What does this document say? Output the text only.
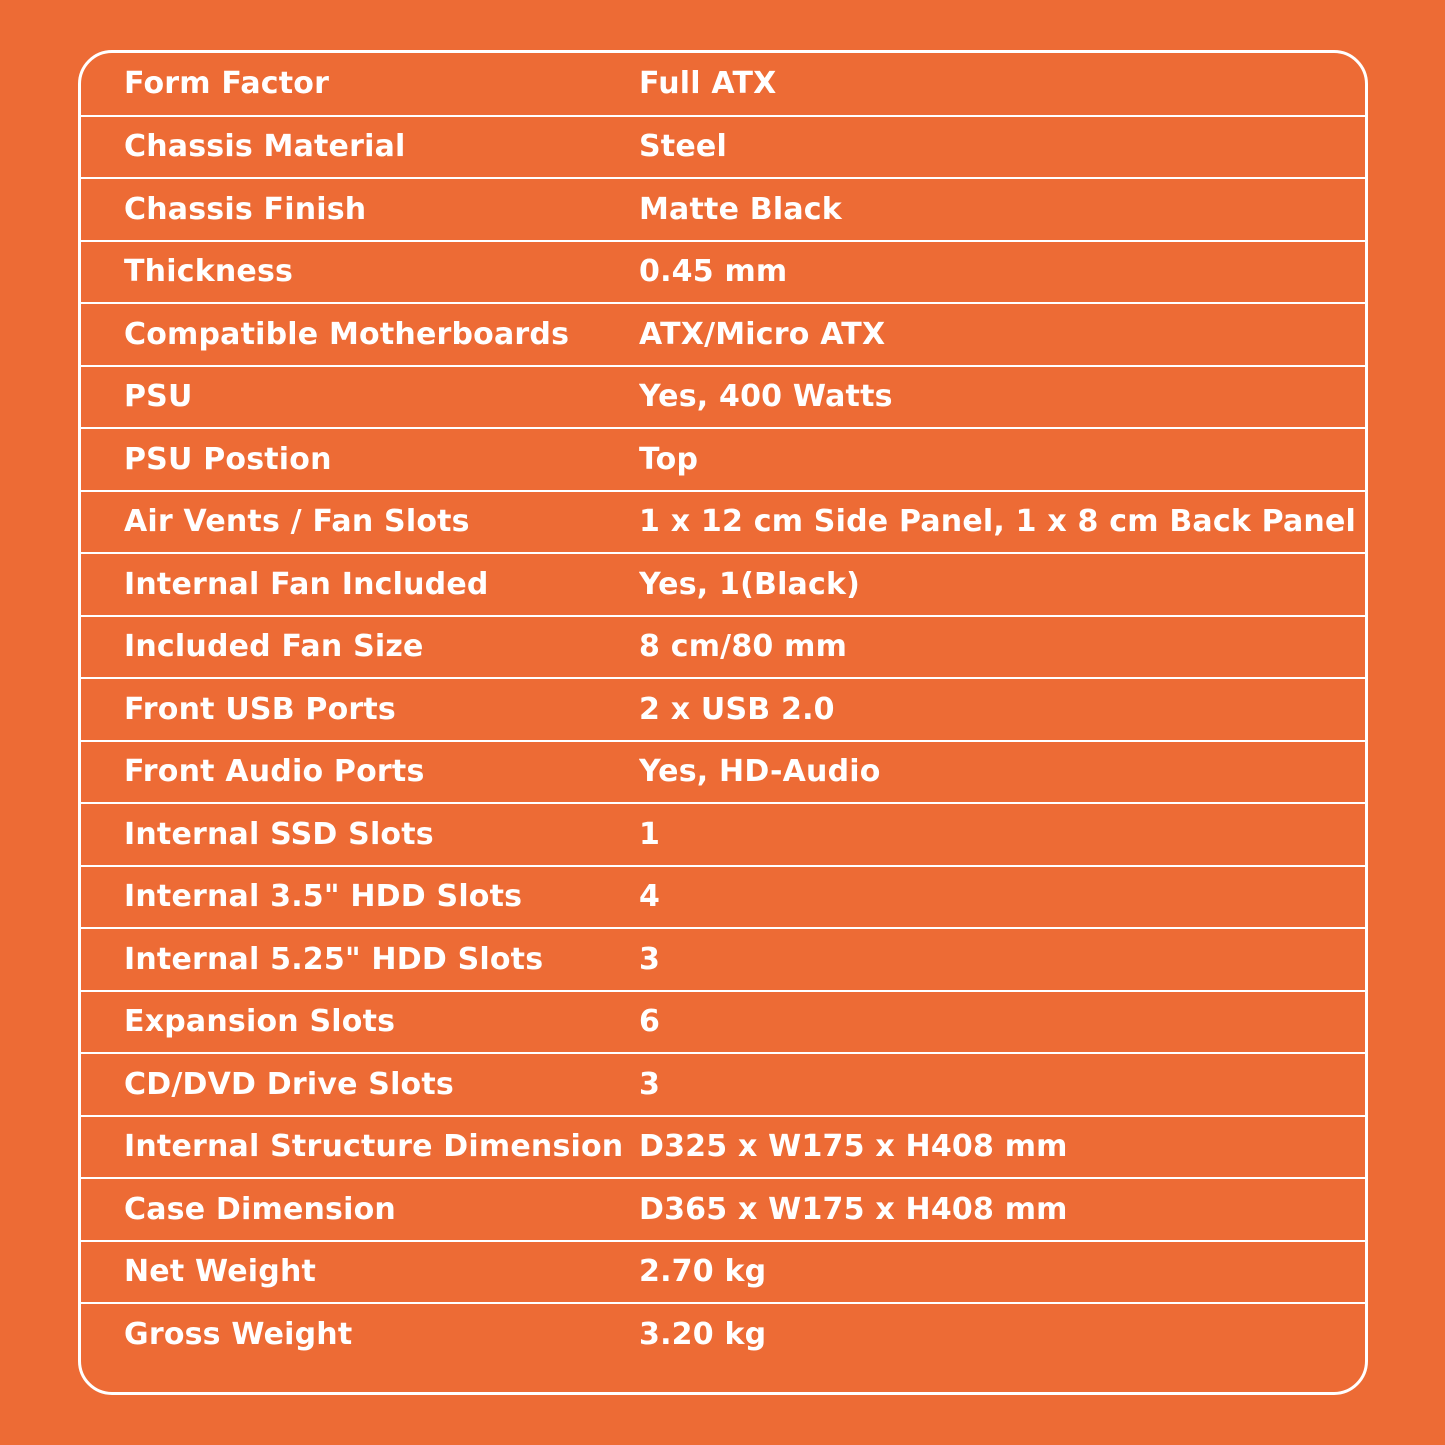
Form Factor	Full ATX
Chassis Material	Steel
Chassis Finish	Matte Black
Thickness	0.45 mm
Compatible Motherboards	ATX/Micro ATX
PSU	Yes, 400 Watts
PSU Postion	Top
Air Vents / Fan Slots	1 x 12 cm Side Panel, 1 x 8 cm Back Panel
Internal Fan Included	Yes, 1(Black)
Included Fan Size	8 cm/80 mm
Front USB Ports	2 x USB 2.0
Front Audio Ports	Yes, HD-Audio
Internal SSD Slots	1
Internal 3.5" HDD Slots	4
Internal 5.25" HDD Slots	3
Expansion Slots	6
CD/DVD Drive Slots	3
Internal Structure Dimension	D325 x W175 x H408 mm
Case Dimension	D365 x W175 x H408 mm
Net Weight	2.70 kg
Gross Weight	3.20 kg
